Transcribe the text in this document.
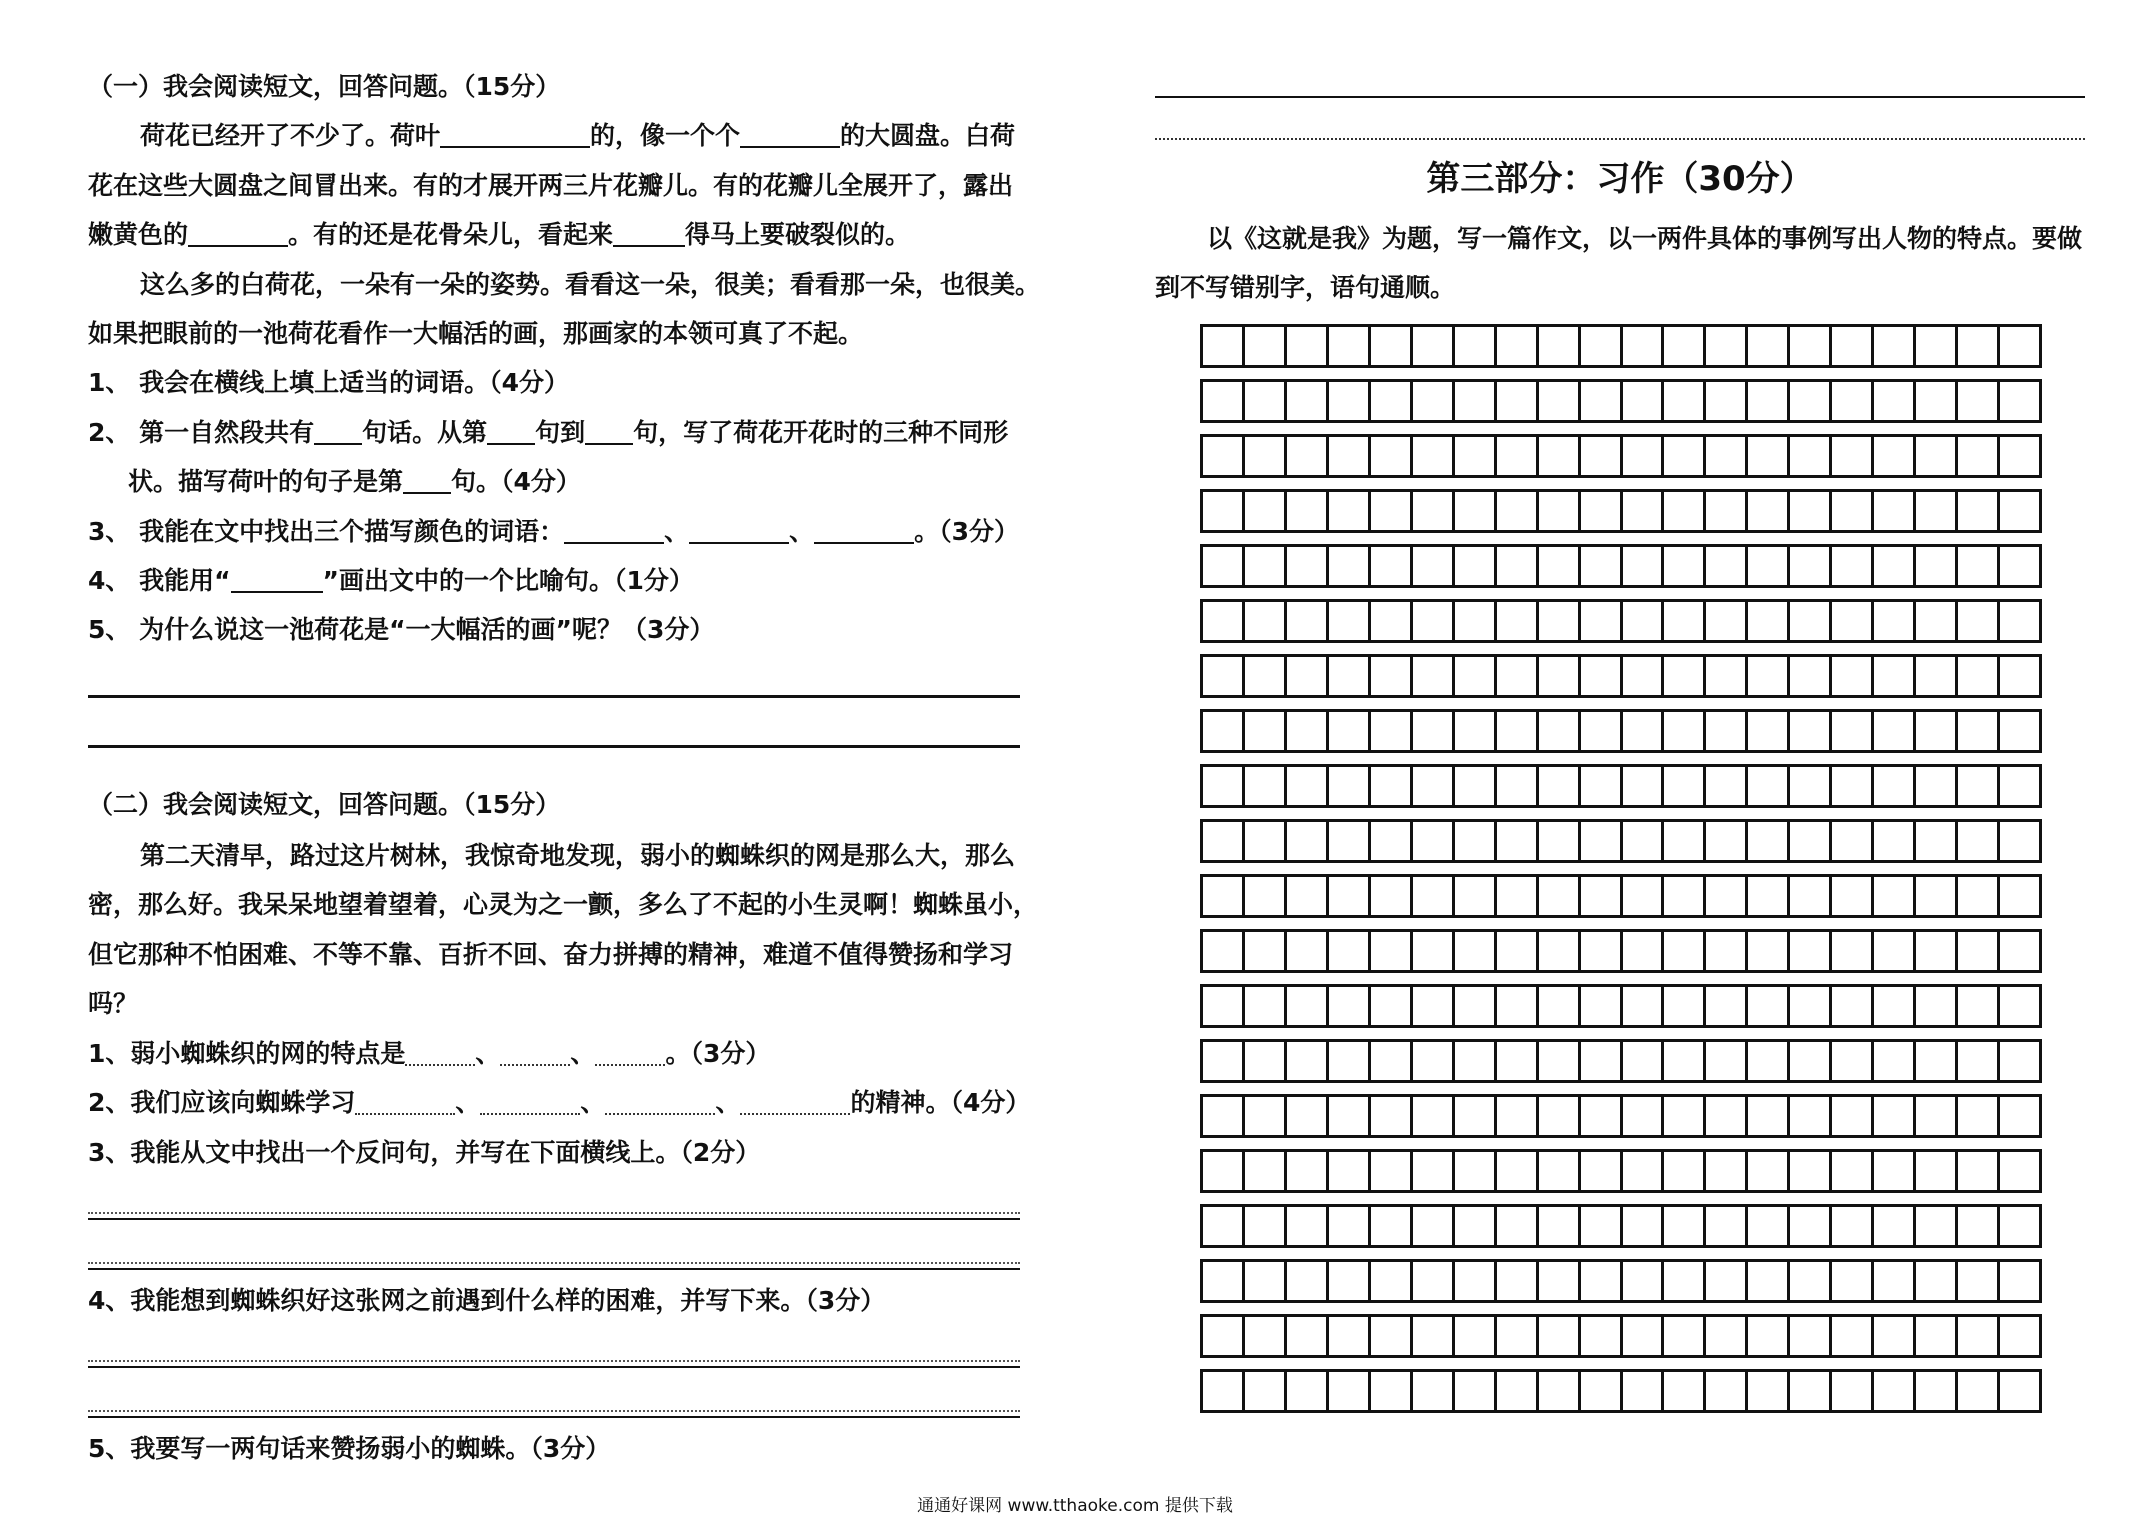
（一）我会阅读短文，回答问题。（15分）
荷花已经开了不少了。荷叶	的，像一个个	的大圆盘。白荷
花在这些大圆盘之间冒出来。有的才展开两三片花瓣儿。有的花瓣儿全展开了，露出
嫩黄色的	。有的还是花骨朵儿，看起来	得马上要破裂似的。
这么多的白荷花，一朵有一朵的姿势。看看这一朵，很美；看看那一朵，也很美。
如果把眼前的一池荷花看作一大幅活的画，那画家的本领可真了不起。
1、 我会在横线上填上适当的词语。（4分）
2、 第一自然段共有 句话。从第 句到 句，写了荷花开花时的三种不同形
状。描写荷叶的句子是第 句。（4分）
3、 我能在文中找出三个描写颜色的词语：	、	、	。（3分）
4、 我能用“	”画出文中的一个比喻句。（1分）
5、 为什么说这一池荷花是“一大幅活的画”呢？（3分）
（二）我会阅读短文，回答问题。（15分）
第二天清早，路过这片树林，我惊奇地发现，弱小的蜘蛛织的网是那么大，那么
密，那么好。我呆呆地望着望着，心灵为之一颤，多么了不起的小生灵啊！蜘蛛虽小，
但它那种不怕困难、不等不靠、百折不回、奋力拼搏的精神，难道不值得赞扬和学习
吗？
1、弱小蜘蛛织的网的特点是	、	、	。（3分）
2、我们应该向蜘蛛学习	、	、	、	的精神。（4分）
3、我能从文中找出一个反问句，并写在下面横线上。（2分）
4、我能想到蜘蛛织好这张网之前遇到什么样的困难，并写下来。（3分）
5、我要写一两句话来赞扬弱小的蜘蛛。（3分）
第三部分：习作（30分）
以《这就是我》为题，写一篇作文，以一两件具体的事例写出人物的特点。要做
到不写错别字，语句通顺。
通通好课网 www.tthaoke.com 提供下载
